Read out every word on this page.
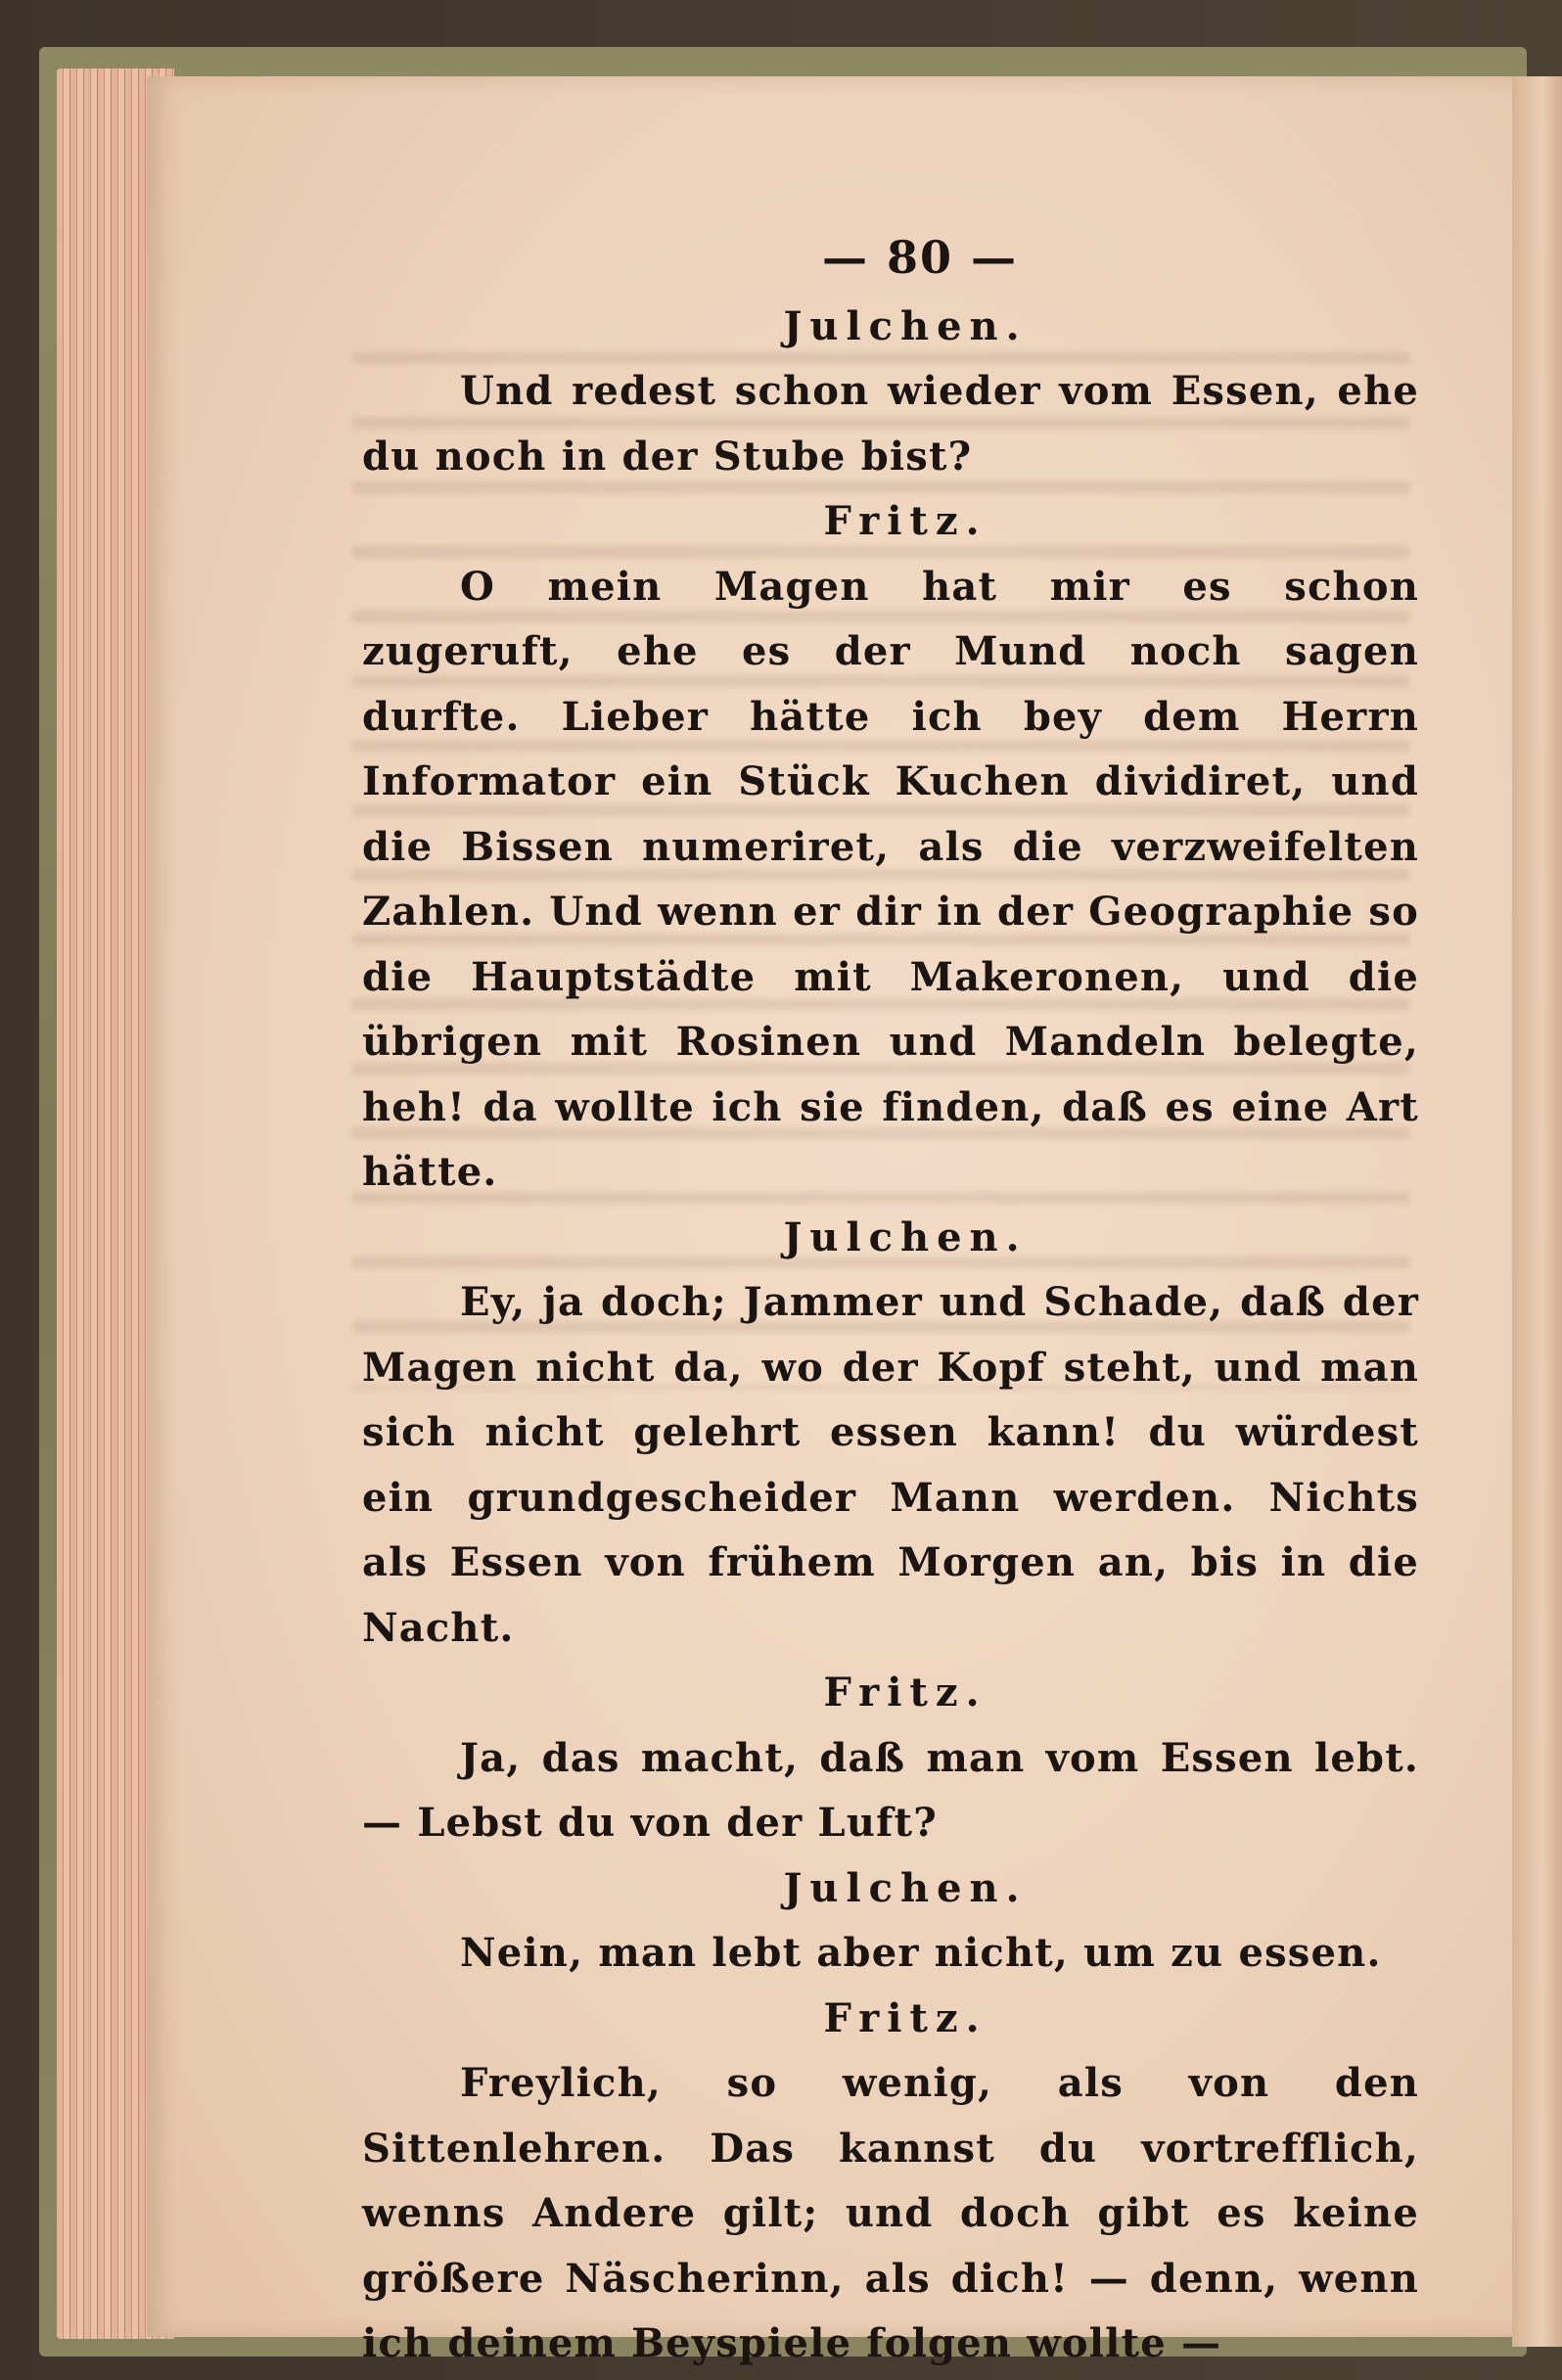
— 80 —
Julchen.

Und redest schon wieder vom Essen, ehe du noch in der Stube bist?

Fritz.

O mein Magen hat mir es schon zugeruft, ehe es der Mund noch sagen durfte. Lieber hätte ich bey dem Herrn Informator ein Stück Kuchen dividiret, und die Bissen numeriret, als die verzweifelten Zahlen. Und wenn er dir in der Geographie so die Hauptstädte mit Makeronen, und die übrigen mit Rosinen und Mandeln belegte, heh! da wollte ich sie finden, daß es eine Art hätte.

Julchen.

Ey, ja doch; Jammer und Schade, daß der Magen nicht da, wo der Kopf steht, und man sich nicht gelehrt essen kann! du würdest ein grundgescheider Mann werden. Nichts als Essen von frühem Morgen an, bis in die Nacht.

Fritz.

Ja, das macht, daß man vom Essen lebt. — Lebst du von der Luft?

Julchen.

Nein, man lebt aber nicht, um zu essen.

Fritz.

Freylich, so wenig, als von den Sittenlehren. Das kannst du vortrefflich, wenns Andere gilt; und doch gibt es keine größere Näscherinn, als dich! — denn, wenn ich deinem Beyspiele folgen wollte —
